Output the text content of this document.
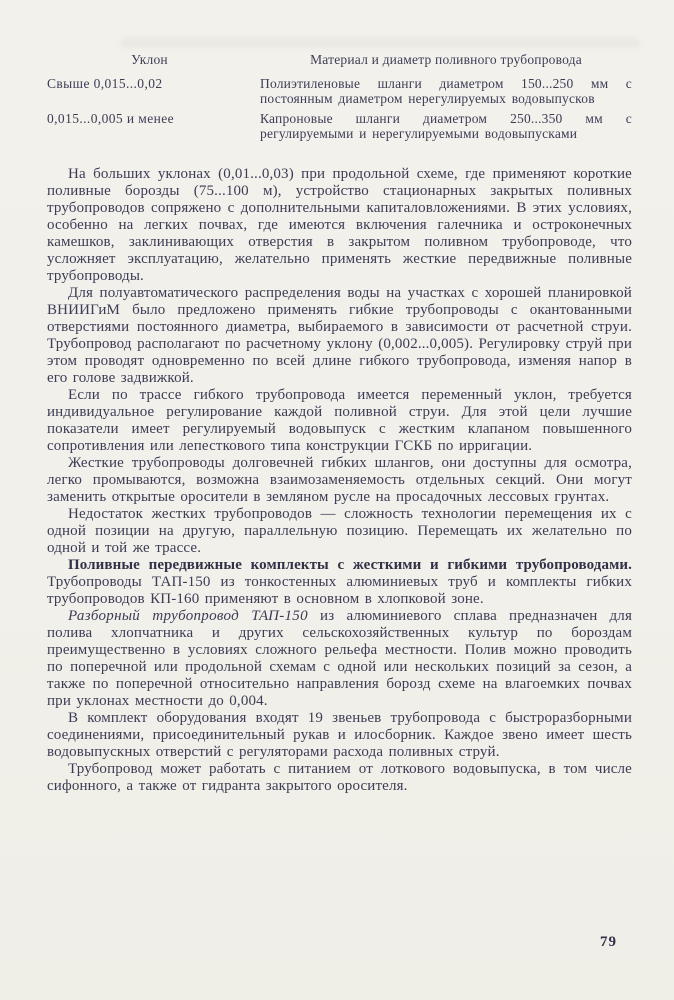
Уклон	Материал и диаметр поливного трубопровода
Свыше 0,015...0,02	Полиэтиленовые шланги диаметром 150...250 мм с постоянным диаметром нерегулируемых водовыпусков
0,015...0,005 и менее	Капроновые шланги диаметром 250...350 мм с регулируемыми и нерегулируемыми водовыпусками

На больших уклонах (0,01...0,03) при продольной схеме, где применяют короткие поливные борозды (75...100 м), устройство стационарных закрытых поливных трубопроводов сопряжено с дополнительными капиталовложениями. В этих условиях, особенно на легких почвах, где имеются включения галечника и остроконечных камешков, заклинивающих отверстия в закрытом поливном трубопроводе, что усложняет эксплуатацию, желательно применять жесткие передвижные поливные трубопроводы.

Для полуавтоматического распределения воды на участках с хорошей планировкой ВНИИГиМ было предложено применять гибкие трубопроводы с окантованными отверстиями постоянного диаметра, выбираемого в зависимости от расчетной струи. Трубопровод располагают по расчетному уклону (0,002...0,005). Регулировку струй при этом проводят одновременно по всей длине гибкого трубопровода, изменяя напор в его голове задвижкой.

Если по трассе гибкого трубопровода имеется переменный уклон, требуется индивидуальное регулирование каждой поливной струи. Для этой цели лучшие показатели имеет регулируемый водовыпуск с жестким клапаном повышенного сопротивления или лепесткового типа конструкции ГСКБ по ирригации.

Жесткие трубопроводы долговечней гибких шлангов, они доступны для осмотра, легко промываются, возможна взаимозаменяемость отдельных секций. Они могут заменить открытые оросители в земляном русле на просадочных лессовых грунтах.

Недостаток жестких трубопроводов — сложность технологии перемещения их с одной позиции на другую, параллельную позицию. Перемещать их желательно по одной и той же трассе.

Поливные передвижные комплекты с жесткими и гибкими трубопроводами. Трубопроводы ТАП-150 из тонкостенных алюминиевых труб и комплекты гибких трубопроводов КП-160 применяют в основном в хлопковой зоне.

Разборный трубопровод ТАП-150 из алюминиевого сплава предназначен для полива хлопчатника и других сельскохозяйственных культур по бороздам преимущественно в условиях сложного рельефа местности. Полив можно проводить по поперечной или продольной схемам с одной или нескольких позиций за сезон, а также по поперечной относительно направления борозд схеме на влагоемких почвах при уклонах местности до 0,004.

В комплект оборудования входят 19 звеньев трубопровода с быстроразборными соединениями, присоединительный рукав и илосборник. Каждое звено имеет шесть водовыпускных отверстий с регуляторами расхода поливных струй.

Трубопровод может работать с питанием от лоткового водовыпуска, в том числе сифонного, а также от гидранта закрытого оросителя.

79
